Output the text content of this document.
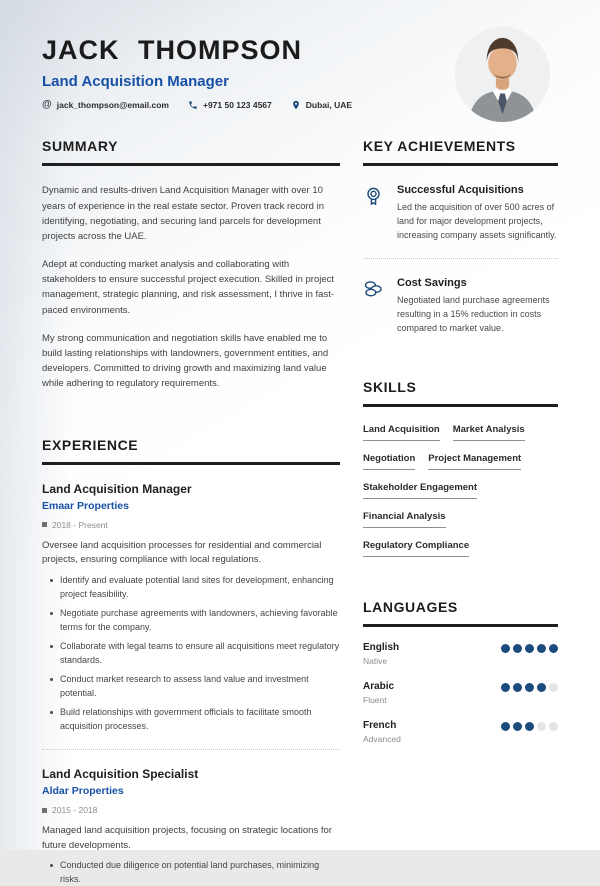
JACK THOMPSON
Land Acquisition Manager
@ jack_thompson@email.com	+971 50 123 4567	Dubai, UAE
SUMMARY

Dynamic and results-driven Land Acquisition Manager with over 10 years of experience in the real estate sector. Proven track record in identifying, negotiating, and securing land parcels for development projects across the UAE.

Adept at conducting market analysis and collaborating with stakeholders to ensure successful project execution. Skilled in project management, strategic planning, and risk assessment, I thrive in fast-paced environments.

My strong communication and negotiation skills have enabled me to build lasting relationships with landowners, government entities, and developers. Committed to driving growth and maximizing land value while adhering to regulatory requirements.

EXPERIENCE
Land Acquisition Manager
Emaar Properties
2018 - Present
Oversee land acquisition processes for residential and commercial projects, ensuring compliance with local regulations.
Identify and evaluate potential land sites for development, enhancing project feasibility.
Negotiate purchase agreements with landowners, achieving favorable terms for the company.
Collaborate with legal teams to ensure all acquisitions meet regulatory standards.
Conduct market research to assess land value and investment potential.
Build relationships with government officials to facilitate smooth acquisition processes.
Land Acquisition Specialist
Aldar Properties
2015 - 2018
Managed land acquisition projects, focusing on strategic locations for future developments.
Conducted due diligence on potential land purchases, minimizing risks.
KEY ACHIEVEMENTS
Successful Acquisitions
Led the acquisition of over 500 acres of land for major development projects, increasing company assets significantly.
Cost Savings
Negotiated land purchase agreements resulting in a 15% reduction in costs compared to market value.
SKILLS
Land Acquisition Market Analysis
Negotiation Project Management
Stakeholder Engagement
Financial Analysis
Regulatory Compliance
LANGUAGES
English
Native
Arabic
Fluent
French
Advanced
